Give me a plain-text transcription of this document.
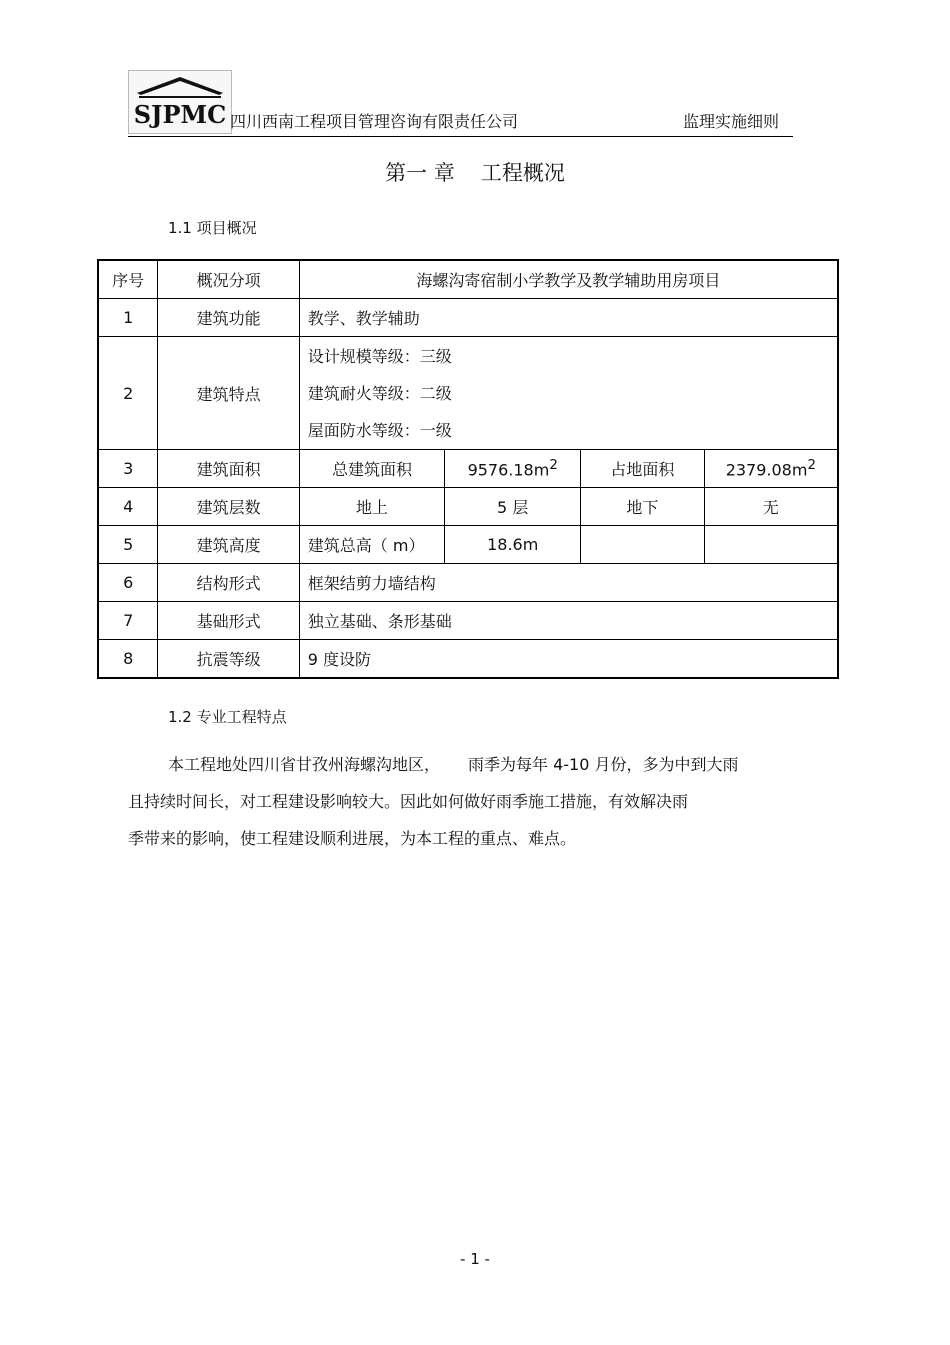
SJPMC 四川西南工程项目管理咨询有限责任公司	监理实施细则
第一 章 工程概况
1.1 项目概况
序号	概况分项	海螺沟寄宿制小学教学及教学辅助用房项目			
1	建筑功能	教学、教学辅助			
2	建筑特点	设计规模等级：三级
建筑耐火等级：二级
屋面防水等级：一级			

3	建筑面积	总建筑面积	$9576.18m^2$	占地面积	$2379.08m^2$
4	建筑层数	地上	5 层	地下	无
5	建筑高度	建筑总高（ m）	18.6m		
6	结构形式	框架结剪力墙结构			
7	基础形式	独立基础、条形基础			
8	抗震等级	9 度设防			
1.2 专业工程特点
本工程地处四川省甘孜州海螺沟地区， 雨季为每年 4-10 月份，多为中到大雨
且持续时间长，对工程建设影响较大。因此如何做好雨季施工措施，有效解决雨
季带来的影响，使工程建设顺利进展，为本工程的重点、难点。
- 1 -
